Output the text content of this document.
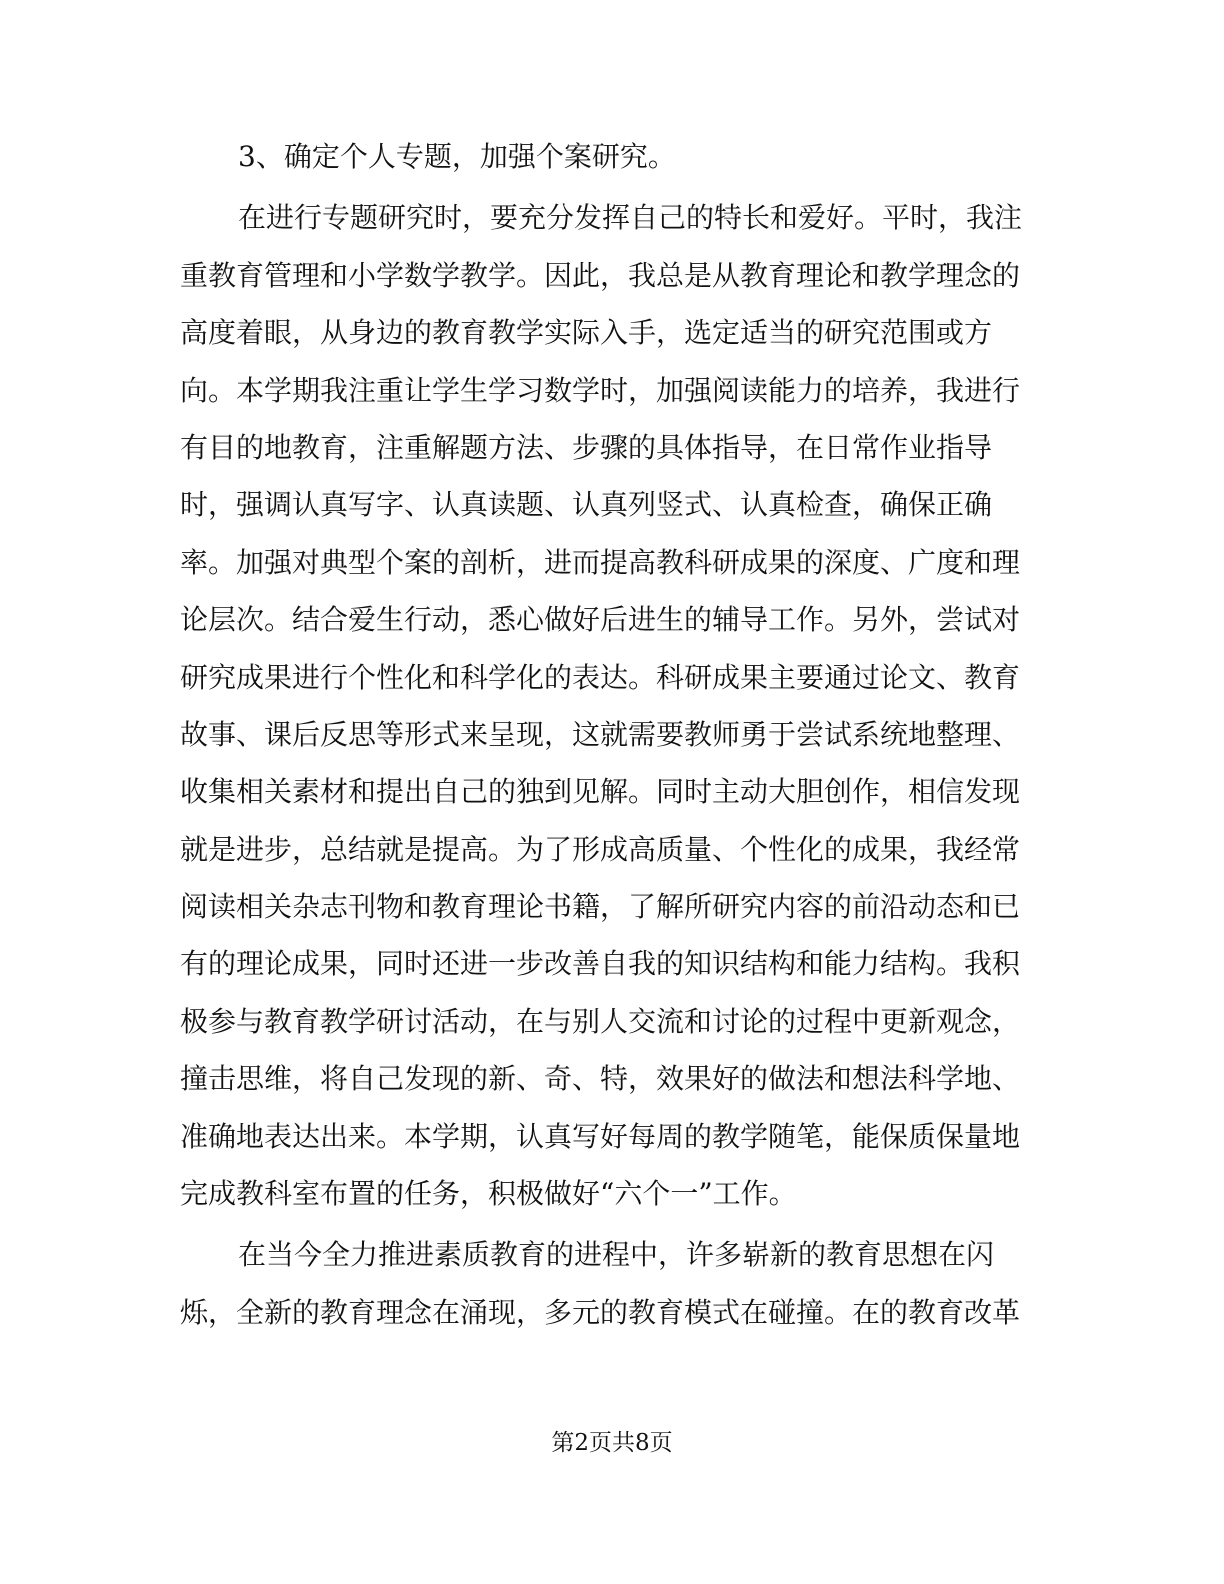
3、确定个人专题，加强个案研究。
在进行专题研究时，要充分发挥自己的特长和爱好。平时，我注
重教育管理和小学数学教学。因此，我总是从教育理论和教学理念的
高度着眼，从身边的教育教学实际入手，选定适当的研究范围或方
向。本学期我注重让学生学习数学时，加强阅读能力的培养，我进行
有目的地教育，注重解题方法、步骤的具体指导，在日常作业指导
时，强调认真写字、认真读题、认真列竖式、认真检查，确保正确
率。加强对典型个案的剖析，进而提高教科研成果的深度、广度和理
论层次。结合爱生行动，悉心做好后进生的辅导工作。另外，尝试对
研究成果进行个性化和科学化的表达。科研成果主要通过论文、教育
故事、课后反思等形式来呈现，这就需要教师勇于尝试系统地整理、
收集相关素材和提出自己的独到见解。同时主动大胆创作，相信发现
就是进步，总结就是提高。为了形成高质量、个性化的成果，我经常
阅读相关杂志刊物和教育理论书籍，了解所研究内容的前沿动态和已
有的理论成果，同时还进一步改善自我的知识结构和能力结构。我积
极参与教育教学研讨活动，在与别人交流和讨论的过程中更新观念，
撞击思维，将自己发现的新、奇、特，效果好的做法和想法科学地、
准确地表达出来。本学期，认真写好每周的教学随笔，能保质保量地
完成教科室布置的任务，积极做好“六个一”工作。
在当今全力推进素质教育的进程中，许多崭新的教育思想在闪
烁，全新的教育理念在涌现，多元的教育模式在碰撞。在的教育改革
第2页共8页
